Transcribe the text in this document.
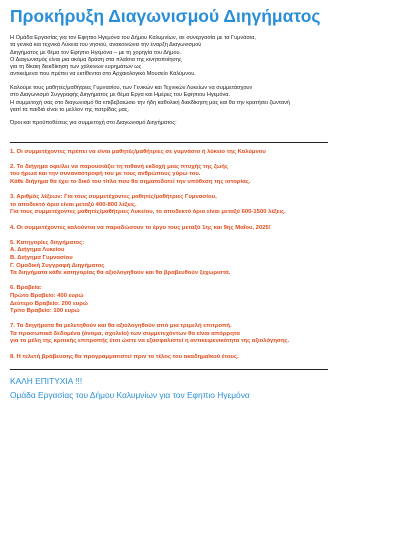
Προκήρυξη Διαγωνισμού Διηγήματος

Η Ομάδα Εργασίας για τον Εφηπιο Ηγεμόνα του Δήμου Καλυμνίων, σε συνεργασία με τα Γυμνάσια,

τα γενικά και τεχνικά Λύκεια του νησιού, ανακοινώνει την έναρξη Διαγωνισμού

Διηγήματος με θέμα τον Εφηπιο Ηγεμόνα – με τη χορηγία του Δήμου.

Ο Διαγωνισμός είναι μια ακόμα δράση στα πλαίσια της κινητοποίησης

για τη δίκαιη διεκδίκηση των χάλκινων ευρημάτων ως

αντικείμενα που πρέπει να εκτίθενται στο Αρχαιολογικό Μουσείο Καλύμνου.

Καλούμε τους μαθητές/μαθήτριες Γυμνασίου, των Γενικών και Τεχνικών Λυκείων να συμμετάσχουν

στο Διαγωνισμό Συγγραφής Διηγήματος με θέμα Εργα και Ημέρες του Εφηπιου Ηγεμόνα.

Η συμμετοχή σας στο διαγωνισμό θα επιβεβαιώσει την ήδη καθολική διεκδίκηση μας και θα την κρατήσει ζωντανή

γιατί τα παιδιά είναι το μέλλον της πατρίδας μας.

Όροι και προϋποθέσεις για συμμετοχή στο Διαγωνισμό Διηγήματος:

1. Οι συμμετέχοντες πρέπει να είναι μαθητές/μαθήτριες σε γυμνάσιο ή λύκειο της Καλύμνου

2. Το διήγημα οφείλει να παρουσιάζει τη πιθανή εκδοχή μιας πτυχής της ζωής

του ήρωα και την συναναστροφή του με τους ανθρώπους γύρω του.

Κάθε διήγημα θα έχει το δικό του τίτλο που θα σηματοδοτεί την υπόθεση της ιστορίας.

3. Αριθμός λέξεων: Για τους συμμετέχοντες μαθητές/μαθήτριες Γυμνασίου,

το αποδεκτό όριο είναι μεταξύ 400-800 λέξεις.

Για τους συμμετέχοντες μαθητές/μαθήτριες Λυκείου, το αποδεκτό όριο είναι μεταξύ 600-1500 λέξεις.

4. Οι συμμετέχοντες καλούνται να παραδώσουν το έργο τους μεταξύ 1ης και 9ης Μαΐου, 2025!

5. Κατηγορίες διηγήματος:

Α. Διήγημα Λυκείου

Β. Διήγημα Γυμνασίου

Γ. Ομαδική Συγγραφή Διηγήματος

Τα διηγήματα κάθε κατηγορίας θα αξιολογηθούν και θα βραβευθούν ξεχωριστά.

6. Βραβεία:

Πρώτο Βραβείο: 400 ευρώ

Δεύτερο Βραβείο: 200 ευρώ

Τρίτο Βραβείο: 100 ευρώ

7. Τα διηγήματα θα μελετηθούν και θα αξιολογηθούν από μια τριμελή επιτροπή.

Τα προσωπικά δεδομένα (όνομα, σχολείο) των συμμετεχόντων θα είναι απόρρητα

για το μέλη της κριτικής επιτροπής έτσι ώστε να εξασφαλιστεί η αντικειμενικότητα της αξιολόγησης.

8. Η τελετή βράβευσης θα προγραμματιστεί πριν το τέλος του ακαδημαϊκού έτους.

ΚΑΛΗ ΕΠΙΤΥΧΙΑ !!!

Ομάδα Εργασίας του Δήμου Καλυμνίων για τον Εφηπιο Ηγεμόνα
